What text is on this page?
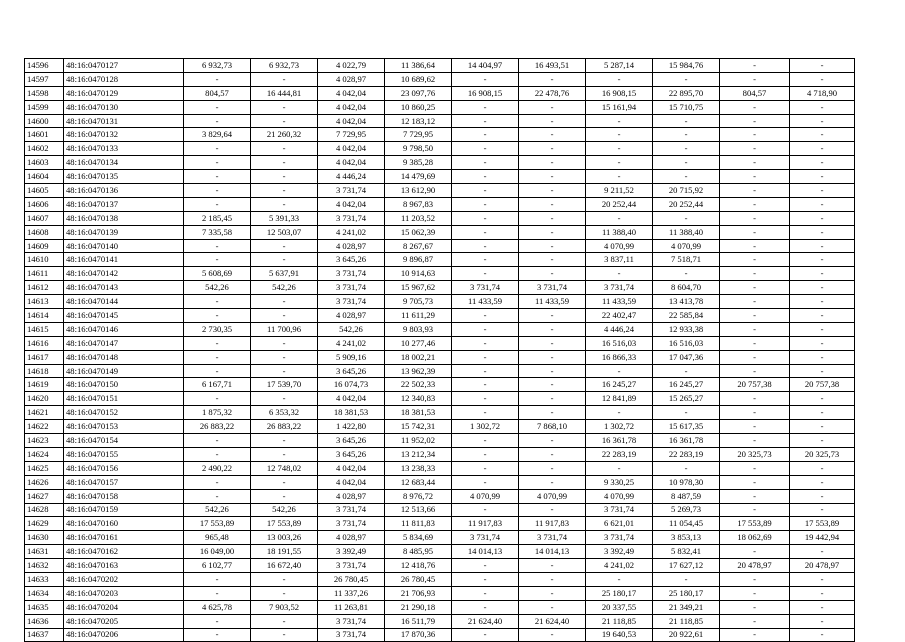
14596	48:16:0470127	6 932,73	6 932,73	4 022,79	11 386,64	14 404,97	16 493,51	5 287,14	15 984,76	-	-
14597	48:16:0470128	-	-	4 028,97	10 689,62	-	-	-	-	-	-
14598	48:16:0470129	804,57	16 444,81	4 042,04	23 097,76	16 908,15	22 478,76	16 908,15	22 895,70	804,57	4 718,90
14599	48:16:0470130	-	-	4 042,04	10 860,25	-	-	15 161,94	15 710,75	-	-
14600	48:16:0470131	-	-	4 042,04	12 183,12	-	-	-	-	-	-
14601	48:16:0470132	3 829,64	21 260,32	7 729,95	7 729,95	-	-	-	-	-	-
14602	48:16:0470133	-	-	4 042,04	9 798,50	-	-	-	-	-	-
14603	48:16:0470134	-	-	4 042,04	9 385,28	-	-	-	-	-	-
14604	48:16:0470135	-	-	4 446,24	14 479,69	-	-	-	-	-	-
14605	48:16:0470136	-	-	3 731,74	13 612,90	-	-	9 211,52	20 715,92	-	-
14606	48:16:0470137	-	-	4 042,04	8 967,83	-	-	20 252,44	20 252,44	-	-
14607	48:16:0470138	2 185,45	5 391,33	3 731,74	11 203,52	-	-	-	-	-	-
14608	48:16:0470139	7 335,58	12 503,07	4 241,02	15 062,39	-	-	11 388,40	11 388,40	-	-
14609	48:16:0470140	-	-	4 028,97	8 267,67	-	-	4 070,99	4 070,99	-	-
14610	48:16:0470141	-	-	3 645,26	9 896,87	-	-	3 837,11	7 518,71	-	-
14611	48:16:0470142	5 608,69	5 637,91	3 731,74	10 914,63	-	-	-	-	-	-
14612	48:16:0470143	542,26	542,26	3 731,74	15 967,62	3 731,74	3 731,74	3 731,74	8 604,70	-	-
14613	48:16:0470144	-	-	3 731,74	9 705,73	11 433,59	11 433,59	11 433,59	13 413,78	-	-
14614	48:16:0470145	-	-	4 028,97	11 611,29	-	-	22 402,47	22 585,84	-	-
14615	48:16:0470146	2 730,35	11 700,96	542,26	9 803,93	-	-	4 446,24	12 933,38	-	-
14616	48:16:0470147	-	-	4 241,02	10 277,46	-	-	16 516,03	16 516,03	-	-
14617	48:16:0470148	-	-	5 909,16	18 002,21	-	-	16 866,33	17 047,36	-	-
14618	48:16:0470149	-	-	3 645,26	13 962,39	-	-	-	-	-	-
14619	48:16:0470150	6 167,71	17 539,70	16 074,73	22 502,33	-	-	16 245,27	16 245,27	20 757,38	20 757,38
14620	48:16:0470151	-	-	4 042,04	12 340,83	-	-	12 841,89	15 265,27	-	-
14621	48:16:0470152	1 875,32	6 353,32	18 381,53	18 381,53	-	-	-	-	-	-
14622	48:16:0470153	26 883,22	26 883,22	1 422,80	15 742,31	1 302,72	7 868,10	1 302,72	15 617,35	-	-
14623	48:16:0470154	-	-	3 645,26	11 952,02	-	-	16 361,78	16 361,78	-	-
14624	48:16:0470155	-	-	3 645,26	13 212,34	-	-	22 283,19	22 283,19	20 325,73	20 325,73
14625	48:16:0470156	2 490,22	12 748,02	4 042,04	13 238,33	-	-	-	-	-	-
14626	48:16:0470157	-	-	4 042,04	12 683,44	-	-	9 330,25	10 978,30	-	-
14627	48:16:0470158	-	-	4 028,97	8 976,72	4 070,99	4 070,99	4 070,99	8 487,59	-	-
14628	48:16:0470159	542,26	542,26	3 731,74	12 513,66	-	-	3 731,74	5 269,73	-	-
14629	48:16:0470160	17 553,89	17 553,89	3 731,74	11 811,83	11 917,83	11 917,83	6 621,01	11 054,45	17 553,89	17 553,89
14630	48:16:0470161	965,48	13 003,26	4 028,97	5 834,69	3 731,74	3 731,74	3 731,74	3 853,13	18 062,69	19 442,94
14631	48:16:0470162	16 049,00	18 191,55	3 392,49	8 485,95	14 014,13	14 014,13	3 392,49	5 832,41	-	-
14632	48:16:0470163	6 102,77	16 672,40	3 731,74	12 418,76	-	-	4 241,02	17 627,12	20 478,97	20 478,97
14633	48:16:0470202	-	-	26 780,45	26 780,45	-	-	-	-	-	-
14634	48:16:0470203	-	-	11 337,26	21 706,93	-	-	25 180,17	25 180,17	-	-
14635	48:16:0470204	4 625,78	7 903,52	11 263,81	21 290,18	-	-	20 337,55	21 349,21	-	-
14636	48:16:0470205	-	-	3 731,74	16 511,79	21 624,40	21 624,40	21 118,85	21 118,85	-	-
14637	48:16:0470206	-	-	3 731,74	17 870,36	-	-	19 640,53	20 922,61	-	-
